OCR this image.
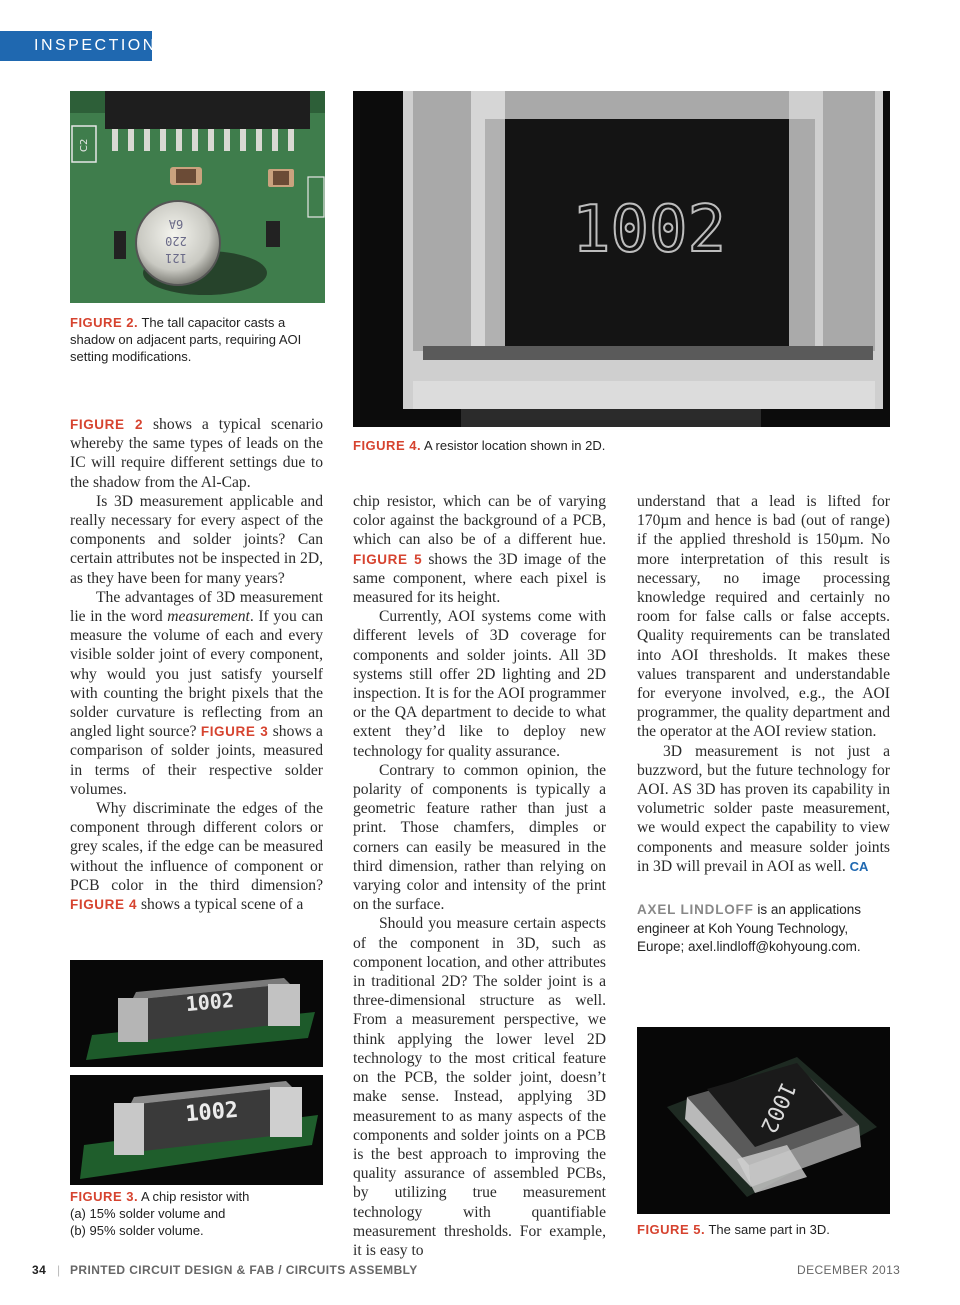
INSPECTION
121
220
6A
C2
FIGURE 2. The tall capacitor casts a shadow on adjacent parts, requiring AOI setting modifications.
1002
FIGURE 4. A resistor location shown in 2D.

FIGURE 2 shows a typical scenario whereby the same types of leads on the IC will require different settings due to the shadow from the Al-Cap.

Is 3D measurement applicable and really necessary for every aspect of the components and solder joints? Can certain attributes not be inspected in 2D, as they have been for many years?

The advantages of 3D measurement lie in the word measurement. If you can measure the volume of each and every visible solder joint of every component, why would you just satisfy yourself with counting the bright pixels that the solder curvature is reflecting from an angled light source? FIGURE 3 shows a comparison of solder joints, measured in terms of their respective solder volumes.

Why discriminate the edges of the component through different colors or grey scales, if the edge can be measured without the influence of component or PCB color in the third dimension? FIGURE 4 shows a typical scene of a

1002
1002
FIGURE 3. A chip resistor with
(a) 15% solder volume and
(b) 95% solder volume.

chip resistor, which can be of varying color against the background of a PCB, which can also be of a different hue. FIGURE 5 shows the 3D image of the same component, where each pixel is measured for its height.

Currently, AOI systems come with different levels of 3D coverage for components and solder joints. All 3D systems still offer 2D lighting and 2D inspection. It is for the AOI programmer or the QA department to decide to what extent they’d like to deploy new technology for quality assurance.

Contrary to common opinion, the polarity of components is typically a geometric feature rather than just a print. Those chamfers, dimples or corners can easily be measured in the third dimension, rather than relying on varying color and intensity of the print on the surface.

Should you measure certain aspects of the component in 3D, such as component location, and other attributes in traditional 2D? The solder joint is a three-dimensional structure as well. From a measurement perspective, we think applying the lower level 2D technology to the most critical feature on the PCB, the solder joint, doesn’t make sense. Instead, applying 3D measurement to as many aspects of the components and solder joints on a PCB is the best approach to improving the quality assurance of assembled PCBs, by utilizing true measurement technology with quantifiable measurement thresholds. For example, it is easy to

understand that a lead is lifted for 170µm and hence is bad (out of range) if the applied threshold is 150µm. No more interpretation of this result is necessary, no image processing knowledge required and certainly no room for false calls or false accepts. Quality requirements can be translated into AOI thresholds. It makes these values transparent and understandable for everyone involved, e.g., the AOI programmer, the quality department and the operator at the AOI review station.

3D measurement is not just a buzzword, but the future technology for AOI. AS 3D has proven its capability in volumetric solder paste measurement, we would expect the capability to view components and measure solder joints in 3D will prevail in AOI as well. CA

AXEL LINDLOFF is an applications engineer at Koh Young Technology, Europe; axel.lindloff@kohyoung.com.
1002
FIGURE 5. The same part in 3D.
34 | PRINTED CIRCUIT DESIGN & FAB / CIRCUITS ASSEMBLY	DECEMBER 2013
